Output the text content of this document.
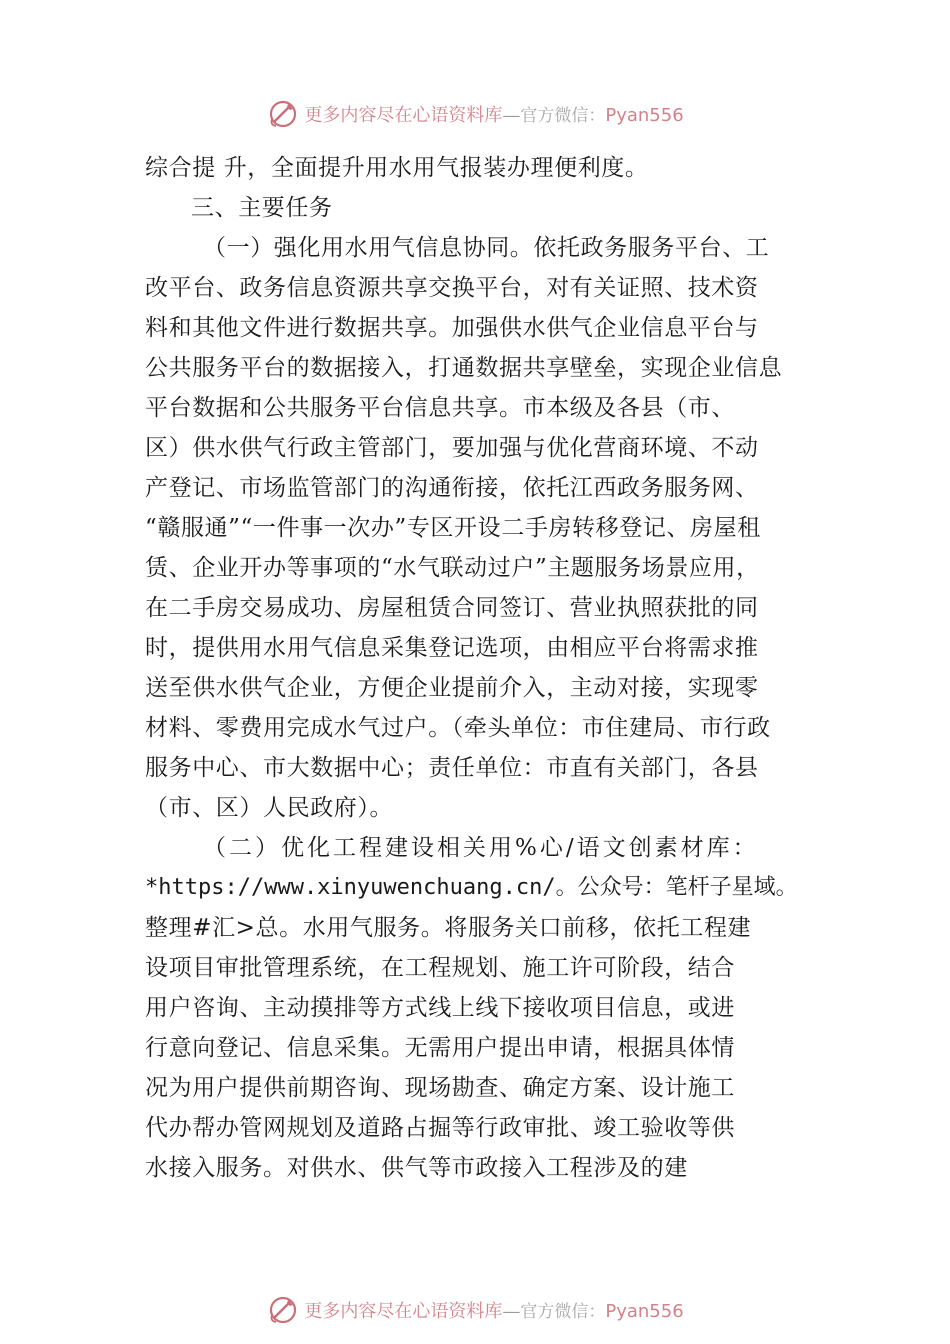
更多内容尽在心语资料库—官方微信：Pyan556
综合提 升，全面提升用水用气报装办理便利度。
三、主要任务
（一）强化用水用气信息协同。依托政务服务平台、工
改平台、政务信息资源共享交换平台，对有关证照、技术资
料和其他文件进行数据共享。加强供水供气企业信息平台与
公共服务平台的数据接入，打通数据共享壁垒，实现企业信息
平台数据和公共服务平台信息共享。市本级及各县（市、
区）供水供气行政主管部门，要加强与优化营商环境、不动
产登记、市场监管部门的沟通衔接，依托江西政务服务网、
“赣服通”“一件事一次办”专区开设二手房转移登记、房屋租
赁、企业开办等事项的“水气联动过户”主题服务场景应用，
在二手房交易成功、房屋租赁合同签订、营业执照获批的同
时，提供用水用气信息采集登记选项，由相应平台将需求推
送至供水供气企业，方便企业提前介入，主动对接，实现零
材料、零费用完成水气过户。（牵头单位：市住建局、市行政
服务中心、市大数据中心；责任单位：市直有关部门，各县
（市、区）人民政府）。
（二）优化工程建设相关用%心/语文创素材库：
*https://www.xinyuwenchuang.cn/。公众号：笔杆子星域。
整理#汇>总。水用气服务。将服务关口前移，依托工程建
设项目审批管理系统，在工程规划、施工许可阶段，结合
用户咨询、主动摸排等方式线上线下接收项目信息，或进
行意向登记、信息采集。无需用户提出申请，根据具体情
况为用户提供前期咨询、现场勘查、确定方案、设计施工
代办帮办管网规划及道路占掘等行政审批、竣工验收等供
水接入服务。对供水、供气等市政接入工程涉及的建
更多内容尽在心语资料库—官方微信：Pyan556
